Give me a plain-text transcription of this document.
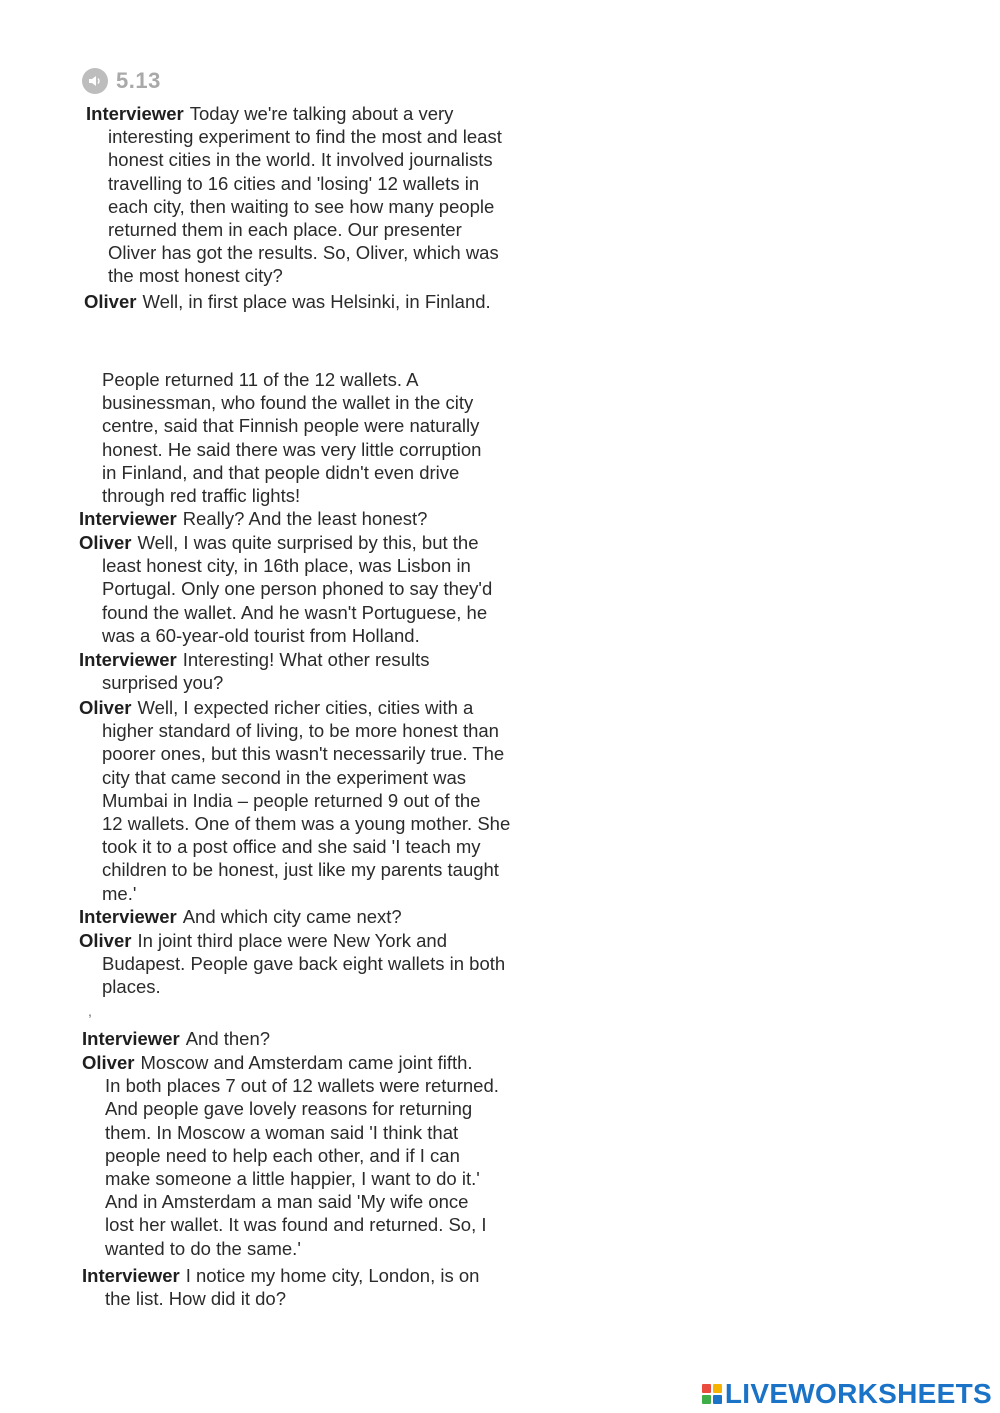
5.13
Interviewer Today we're talking about a very
interesting experiment to find the most and least
honest cities in the world. It involved journalists
travelling to 16 cities and 'losing' 12 wallets in
each city, then waiting to see how many people
returned them in each place. Our presenter
Oliver has got the results. So, Oliver, which was
the most honest city?
Oliver Well, in first place was Helsinki, in Finland.
People returned 11 of the 12 wallets. A
businessman, who found the wallet in the city
centre, said that Finnish people were naturally
honest. He said there was very little corruption
in Finland, and that people didn't even drive
through red traffic lights!
Interviewer Really? And the least honest?
Oliver Well, I was quite surprised by this, but the
least honest city, in 16th place, was Lisbon in
Portugal. Only one person phoned to say they'd
found the wallet. And he wasn't Portuguese, he
was a 60-year-old tourist from Holland.
Interviewer Interesting! What other results
surprised you?
Oliver Well, I expected richer cities, cities with a
higher standard of living, to be more honest than
poorer ones, but this wasn't necessarily true. The
city that came second in the experiment was
Mumbai in India – people returned 9 out of the
12 wallets. One of them was a young mother. She
took it to a post office and she said 'I teach my
children to be honest, just like my parents taught
me.'
Interviewer And which city came next?
Oliver In joint third place were New York and
Budapest. People gave back eight wallets in both
places.
,
Interviewer And then?
Oliver Moscow and Amsterdam came joint fifth.
In both places 7 out of 12 wallets were returned.
And people gave lovely reasons for returning
them. In Moscow a woman said 'I think that
people need to help each other, and if I can
make someone a little happier, I want to do it.'
And in Amsterdam a man said 'My wife once
lost her wallet. It was found and returned. So, I
wanted to do the same.'
Interviewer I notice my home city, London, is on
the list. How did it do?
LIVEWORKSHEETS
